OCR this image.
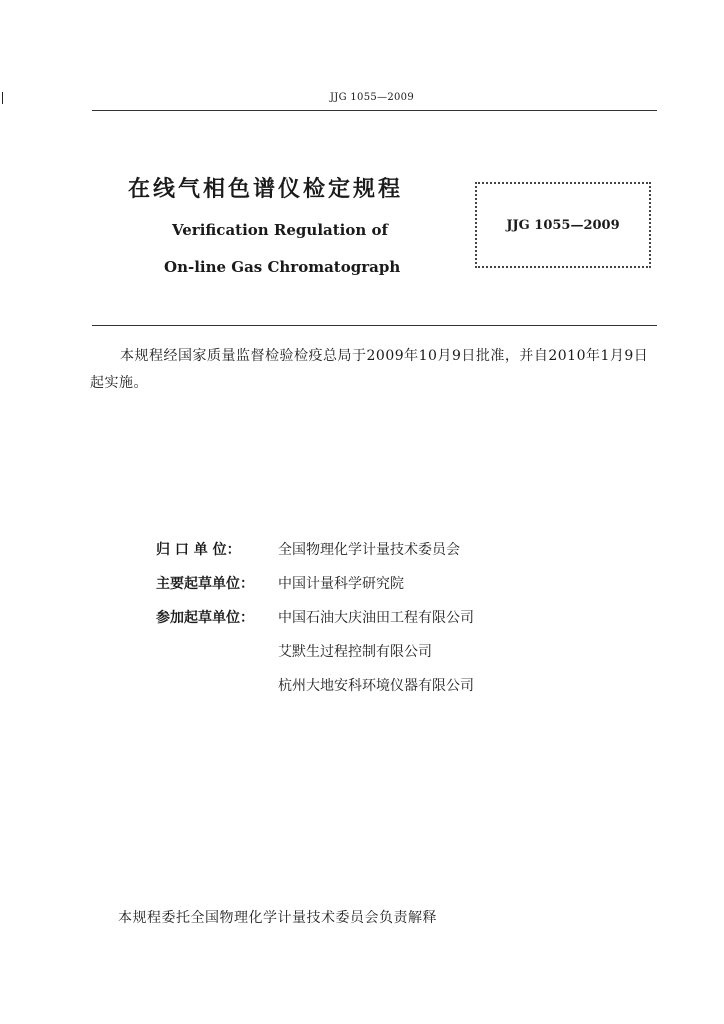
JJG 1055—2009
在线气相色谱仪检定规程
Verification Regulation of
On-line Gas Chromatograph
JJG 1055—2009
本规程经国家质量监督检验检疫总局于2009年10月9日批准，并自2010年1月9日起实施。
归 口 单 位：	全国物理化学计量技术委员会
主要起草单位： 中国计量科学研究院
参加起草单位： 中国石油大庆油田工程有限公司
艾默生过程控制有限公司
杭州大地安科环境仪器有限公司
本规程委托全国物理化学计量技术委员会负责解释
